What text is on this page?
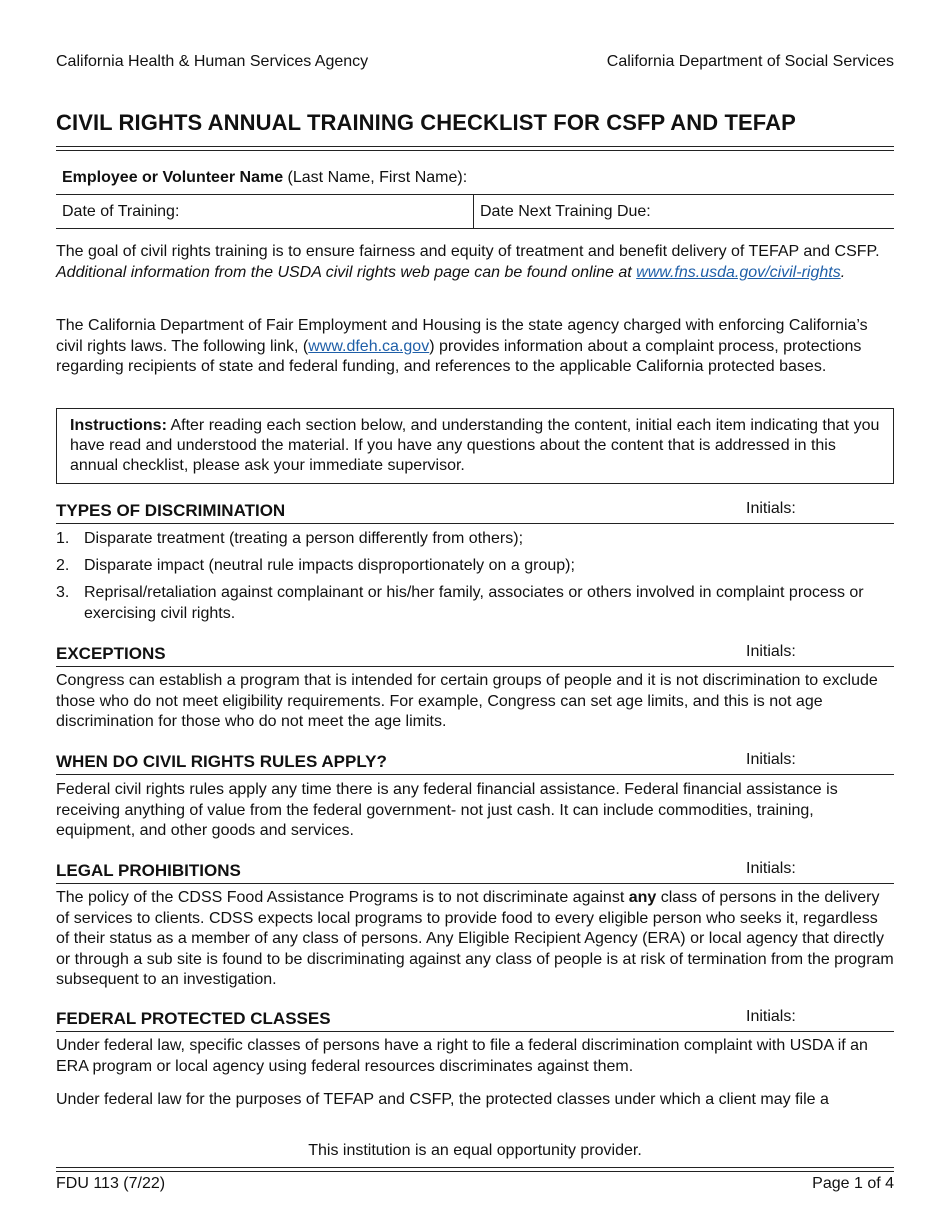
California Health & Human Services Agency	California Department of Social Services
CIVIL RIGHTS ANNUAL TRAINING CHECKLIST FOR CSFP AND TEFAP
Employee or Volunteer Name (Last Name, First Name):
Date of Training:	Date Next Training Due:
The goal of civil rights training is to ensure fairness and equity of treatment and benefit delivery of TEFAP and CSFP. Additional information from the USDA civil rights web page can be found online at www.fns.usda.gov/civil-rights.
The California Department of Fair Employment and Housing is the state agency charged with enforcing California’s civil rights laws. The following link, (www.dfeh.ca.gov) provides information about a complaint process, protections regarding recipients of state and federal funding, and references to the applicable California protected bases.
Instructions: After reading each section below, and understanding the content, initial each item indicating that you have read and understood the material. If you have any questions about the content that is addressed in this annual checklist, please ask your immediate supervisor.
TYPES OF DISCRIMINATION	Initials:
1. Disparate treatment (treating a person differently from others);
2. Disparate impact (neutral rule impacts disproportionately on a group);
3. Reprisal/retaliation against complainant or his/her family, associates or others involved in complaint process or exercising civil rights.
EXCEPTIONS	Initials:
Congress can establish a program that is intended for certain groups of people and it is not discrimination to exclude those who do not meet eligibility requirements. For example, Congress can set age limits, and this is not age discrimination for those who do not meet the age limits.
WHEN DO CIVIL RIGHTS RULES APPLY?	Initials:
Federal civil rights rules apply any time there is any federal financial assistance. Federal financial assistance is receiving anything of value from the federal government- not just cash. It can include commodities, training, equipment, and other goods and services.
LEGAL PROHIBITIONS	Initials:
The policy of the CDSS Food Assistance Programs is to not discriminate against any class of persons in the delivery of services to clients. CDSS expects local programs to provide food to every eligible person who seeks it, regardless of their status as a member of any class of persons. Any Eligible Recipient Agency (ERA) or local agency that directly or through a sub site is found to be discriminating against any class of people is at risk of termination from the program subsequent to an investigation.
FEDERAL PROTECTED CLASSES	Initials:
Under federal law, specific classes of persons have a right to file a federal discrimination complaint with USDA if an ERA program or local agency using federal resources discriminates against them.
Under federal law for the purposes of TEFAP and CSFP, the protected classes under which a client may file a
This institution is an equal opportunity provider.
FDU 113 (7/22)	Page 1 of 4
